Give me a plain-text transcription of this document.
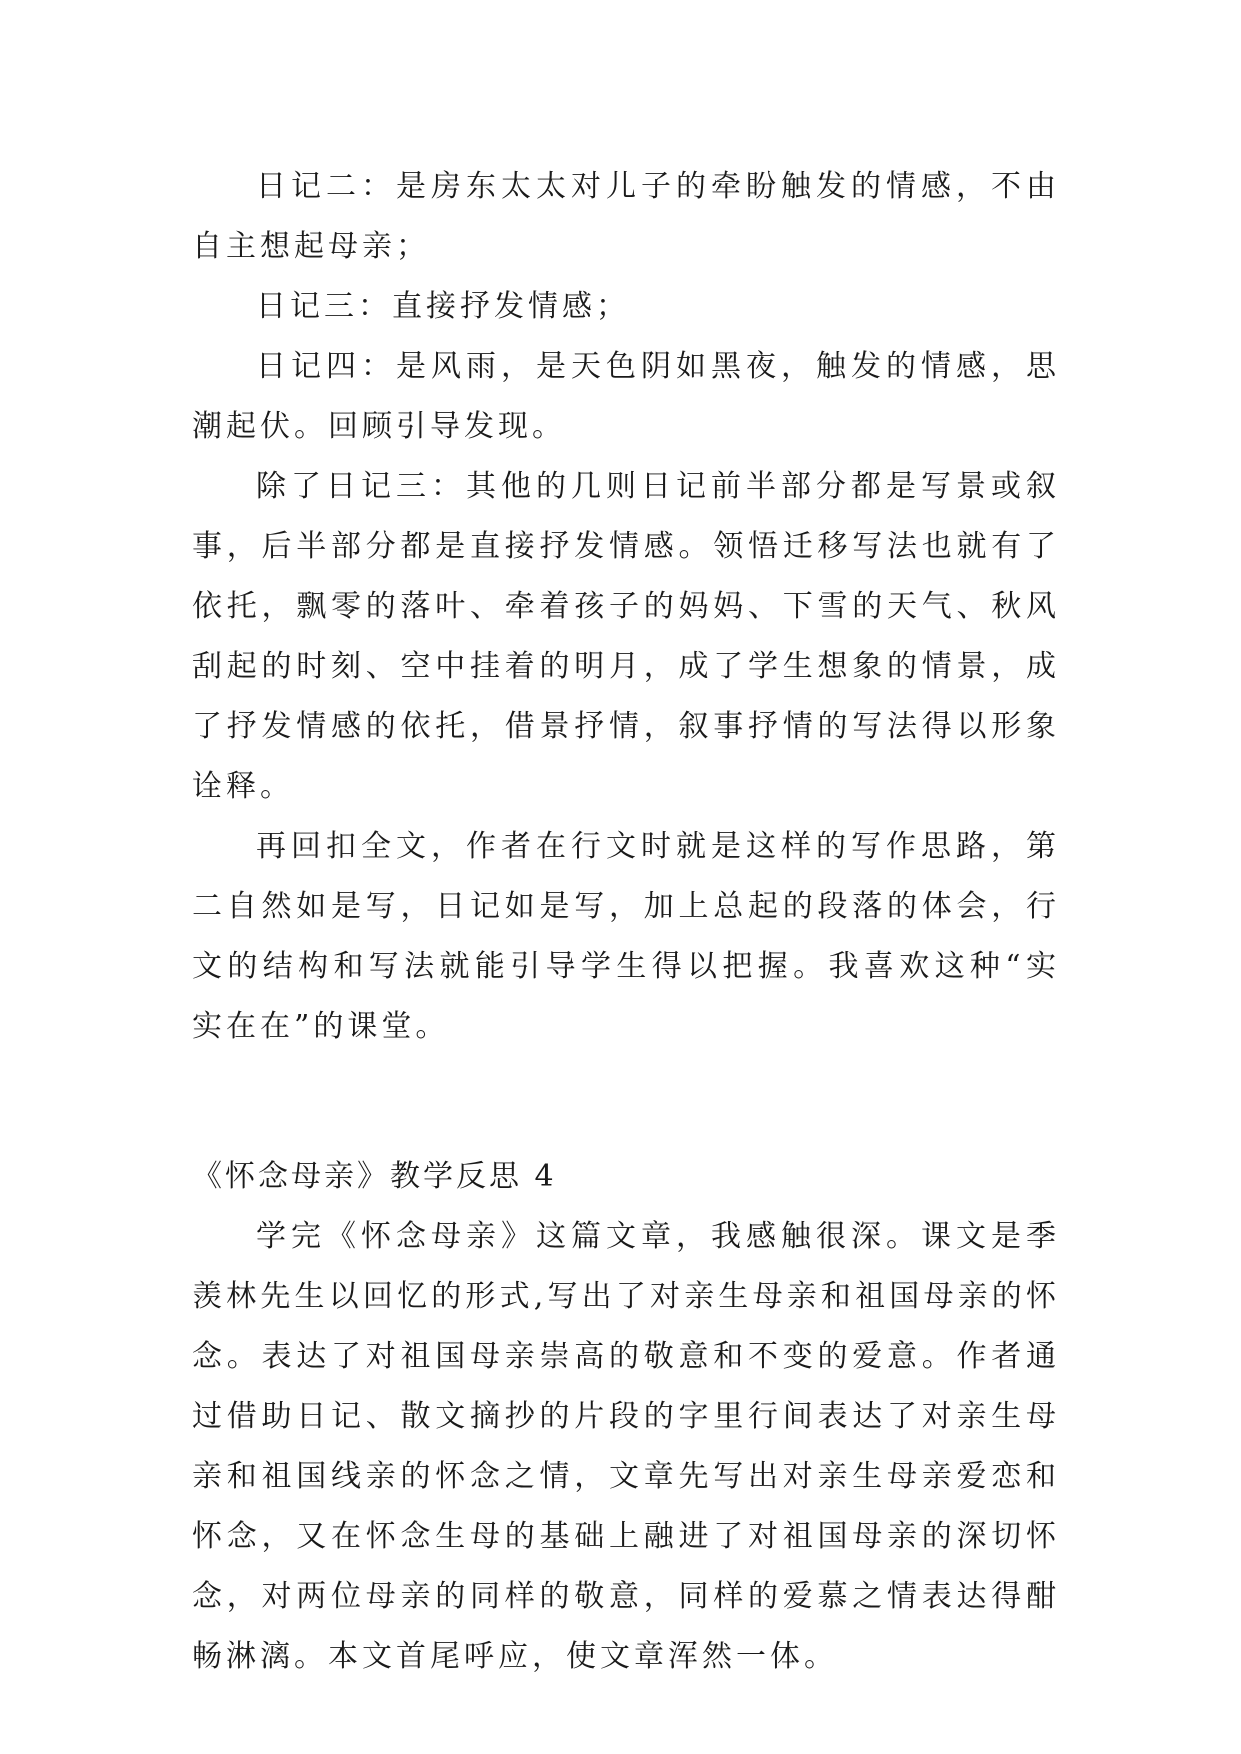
日记二：是房东太太对儿子的牵盼触发的情感，不由自主想起母亲；

日记三：直接抒发情感；

日记四：是风雨，是天色阴如黑夜，触发的情感，思潮起伏。回顾引导发现。

除了日记三：其他的几则日记前半部分都是写景或叙事，后半部分都是直接抒发情感。领悟迁移写法也就有了依托，飘零的落叶、牵着孩子的妈妈、下雪的天气、秋风刮起的时刻、空中挂着的明月，成了学生想象的情景，成了抒发情感的依托，借景抒情，叙事抒情的写法得以形象诠释。

再回扣全文，作者在行文时就是这样的写作思路，第二自然如是写，日记如是写，加上总起的段落的体会，行文的结构和写法就能引导学生得以把握。我喜欢这种“实实在在”的课堂。

《怀念母亲》教学反思 4

学完《怀念母亲》这篇文章，我感触很深。课文是季羡林先生以回忆的形式,写出了对亲生母亲和祖国母亲的怀念。表达了对祖国母亲崇高的敬意和不变的爱意。作者通过借助日记、散文摘抄的片段的字里行间表达了对亲生母亲和祖国线亲的怀念之情，文章先写出对亲生母亲爱恋和怀念，又在怀念生母的基础上融进了对祖国母亲的深切怀念，对两位母亲的同样的敬意，同样的爱慕之情表达得酣畅淋漓。本文首尾呼应，使文章浑然一体。
